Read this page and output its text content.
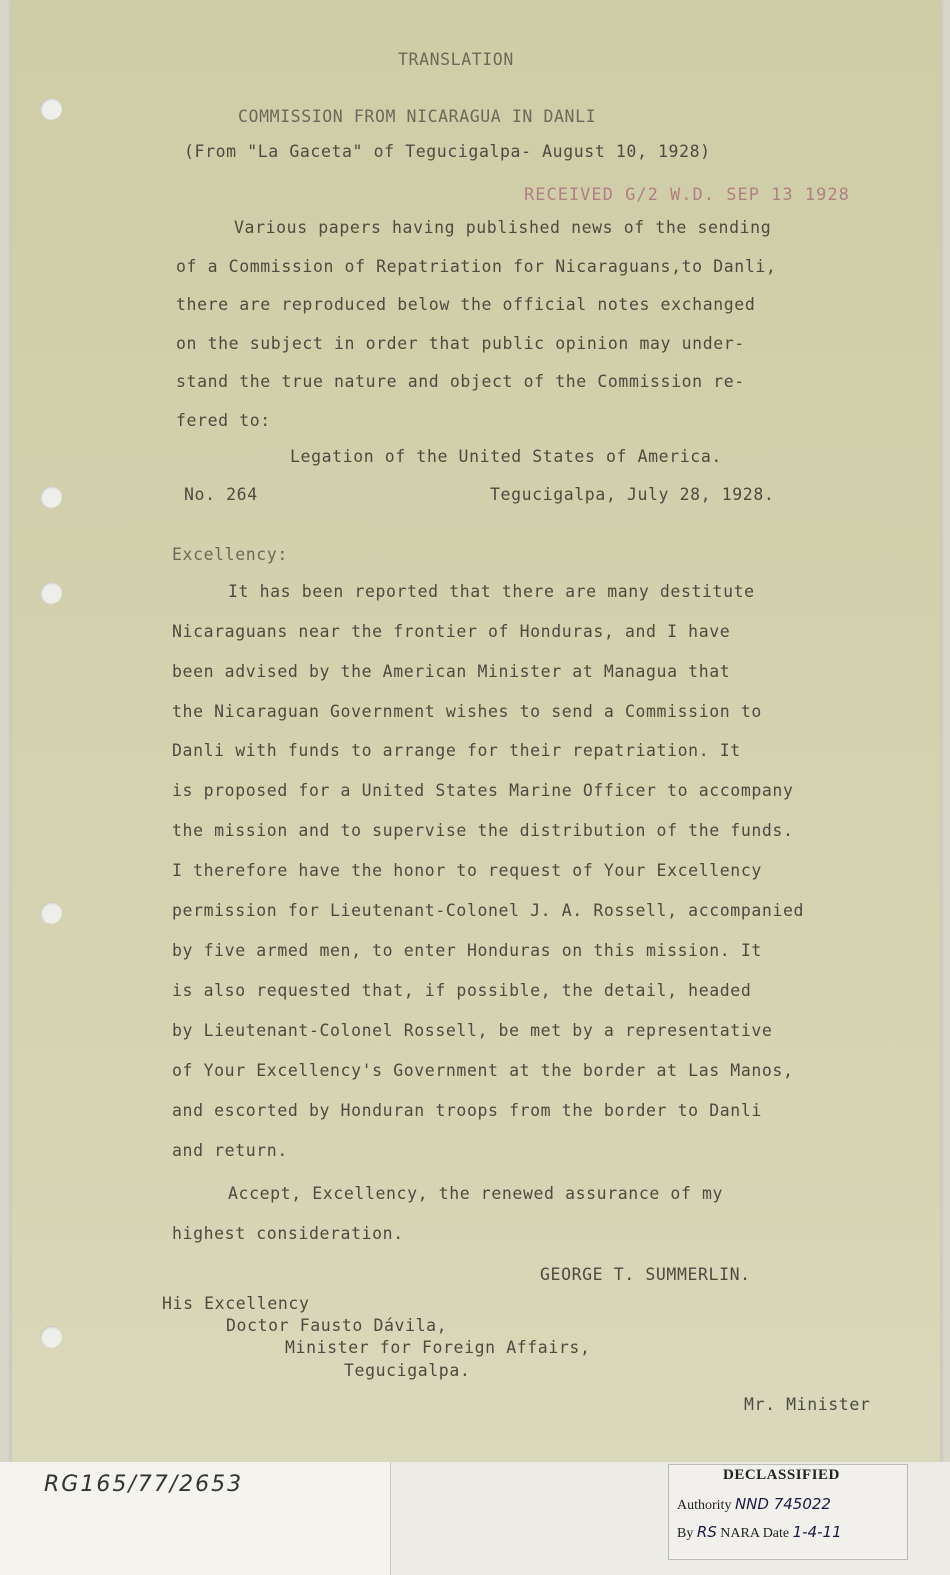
TRANSLATION
COMMISSION FROM NICARAGUA IN DANLI
(From "La Gaceta" of Tegucigalpa- August 10, 1928)
RECEIVED G/2 W.D. SEP 13 1928
Various papers having published news of the sending
of a Commission of Repatriation for Nicaraguans,to Danli,
there are reproduced below the official notes exchanged
on the subject in order that public opinion may under-
stand the true nature and object of the Commission re-
fered to:
Legation of the United States of America.
No. 264	Tegucigalpa, July 28, 1928.
Excellency:
It has been reported that there are many destitute
Nicaraguans near the frontier of Honduras, and I have
been advised by the American Minister at Managua that
the Nicaraguan Government wishes to send a Commission to
Danli with funds to arrange for their repatriation. It
is proposed for a United States Marine Officer to accompany
the mission and to supervise the distribution of the funds.
I therefore have the honor to request of Your Excellency
permission for Lieutenant-Colonel J. A. Rossell, accompanied
by five armed men, to enter Honduras on this mission. It
is also requested that, if possible, the detail, headed
by Lieutenant-Colonel Rossell, be met by a representative
of Your Excellency's Government at the border at Las Manos,
and escorted by Honduran troops from the border to Danli
and return.
Accept, Excellency, the renewed assurance of my
highest consideration.
GEORGE T. SUMMERLIN.
His Excellency
Doctor Fausto Dávila,
Minister for Foreign Affairs,
Tegucigalpa.
Mr. Minister
RG165/77/2653	DECLASSIFIED
Authority NND 745022
By RS NARA Date 1-4-11
